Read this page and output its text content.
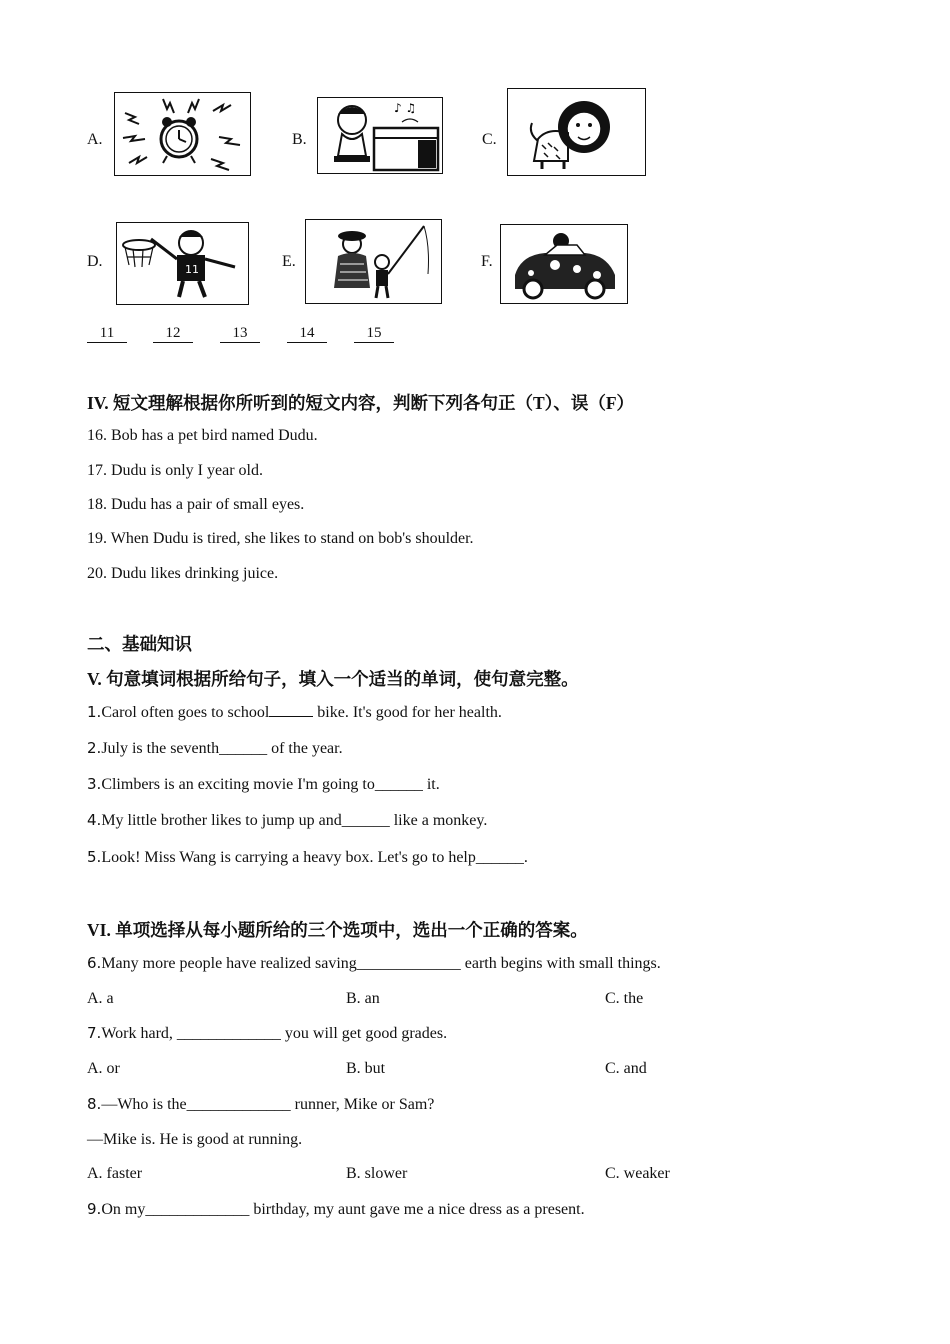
A.	B.
♪ ♫
C.
D.	11	E.	F.
11	12	13	14	15
IV. 短文理解根据你所听到的短文内容，判断下列各句正（T）、误（F）
16. Bob has a pet bird named Dudu.
17. Dudu is only I year old.
18. Dudu has a pair of small eyes.
19. When Dudu is tired, she likes to stand on bob's shoulder.
20. Dudu likes drinking juice.
二、基础知识
V. 句意填词根据所给句子，填入一个适当的单词，使句意完整。
1.Carol often goes to school	bike. It's good for her health.
2.July is the seventh______ of the year.
3.Climbers is an exciting movie I'm going to______ it.
4.My little brother likes to jump up and______ like a monkey.
5.Look! Miss Wang is carrying a heavy box. Let's go to help______.
VI. 单项选择从每小题所给的三个选项中，选出一个正确的答案。
6.Many more people have realized saving_____________ earth begins with small things.
A. a	B. an	C. the
7.Work hard, _____________ you will get good grades.
A. or	B. but	C. and
8.—Who is the_____________ runner, Mike or Sam?
—Mike is. He is good at running.
A. faster	B. slower	C. weaker
9.On my_____________ birthday, my aunt gave me a nice dress as a present.
